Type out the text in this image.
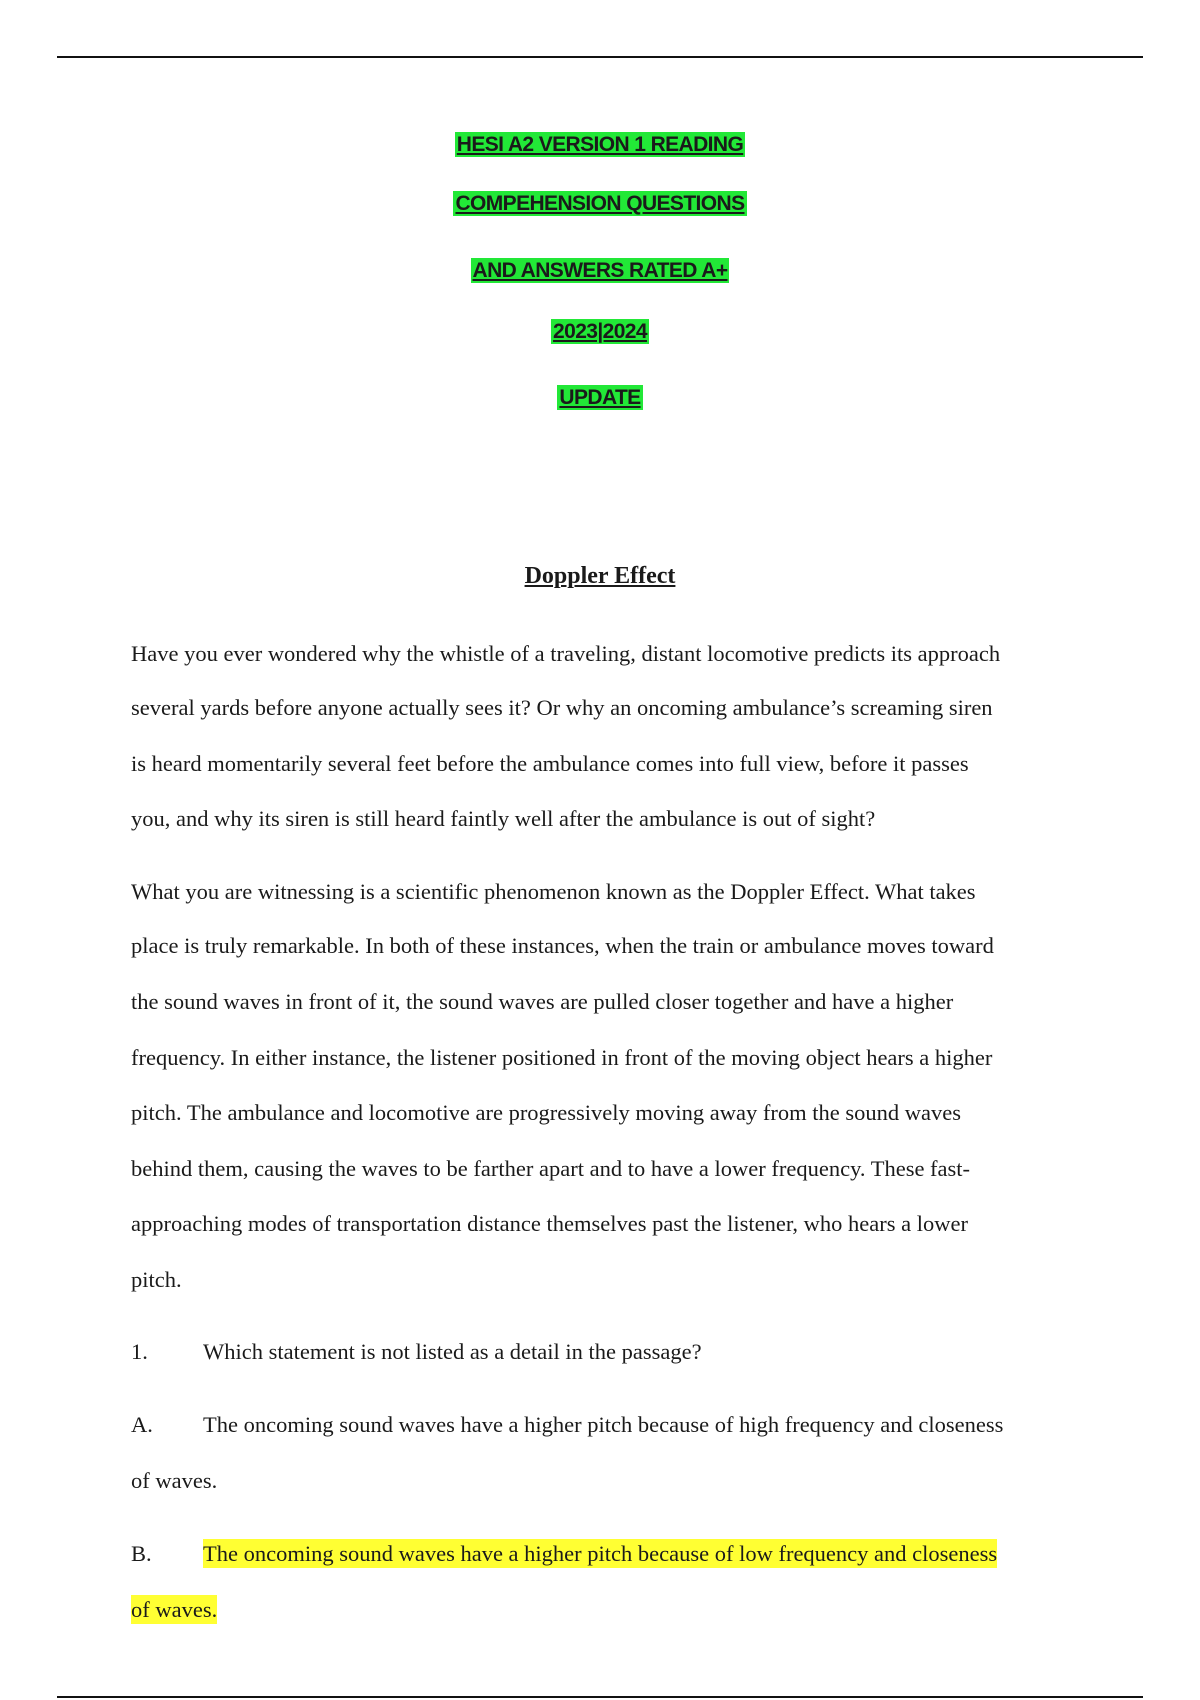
HESI A2 VERSION 1 READING
COMPEHENSION QUESTIONS
AND ANSWERS RATED A+
2023|2024
UPDATE
Doppler Effect
Have you ever wondered why the whistle of a traveling, distant locomotive predicts its approach
several yards before anyone actually sees it? Or why an oncoming ambulance’s screaming siren
is heard momentarily several feet before the ambulance comes into full view, before it passes
you, and why its siren is still heard faintly well after the ambulance is out of sight?
What you are witnessing is a scientific phenomenon known as the Doppler Effect. What takes
place is truly remarkable. In both of these instances, when the train or ambulance moves toward
the sound waves in front of it, the sound waves are pulled closer together and have a higher
frequency. In either instance, the listener positioned in front of the moving object hears a higher
pitch. The ambulance and locomotive are progressively moving away from the sound waves
behind them, causing the waves to be farther apart and to have a lower frequency. These fast-
approaching modes of transportation distance themselves past the listener, who hears a lower
pitch.
1. Which statement is not listed as a detail in the passage?
A. The oncoming sound waves have a higher pitch because of high frequency and closeness
of waves.
B. The oncoming sound waves have a higher pitch because of low frequency and closeness
of waves.
